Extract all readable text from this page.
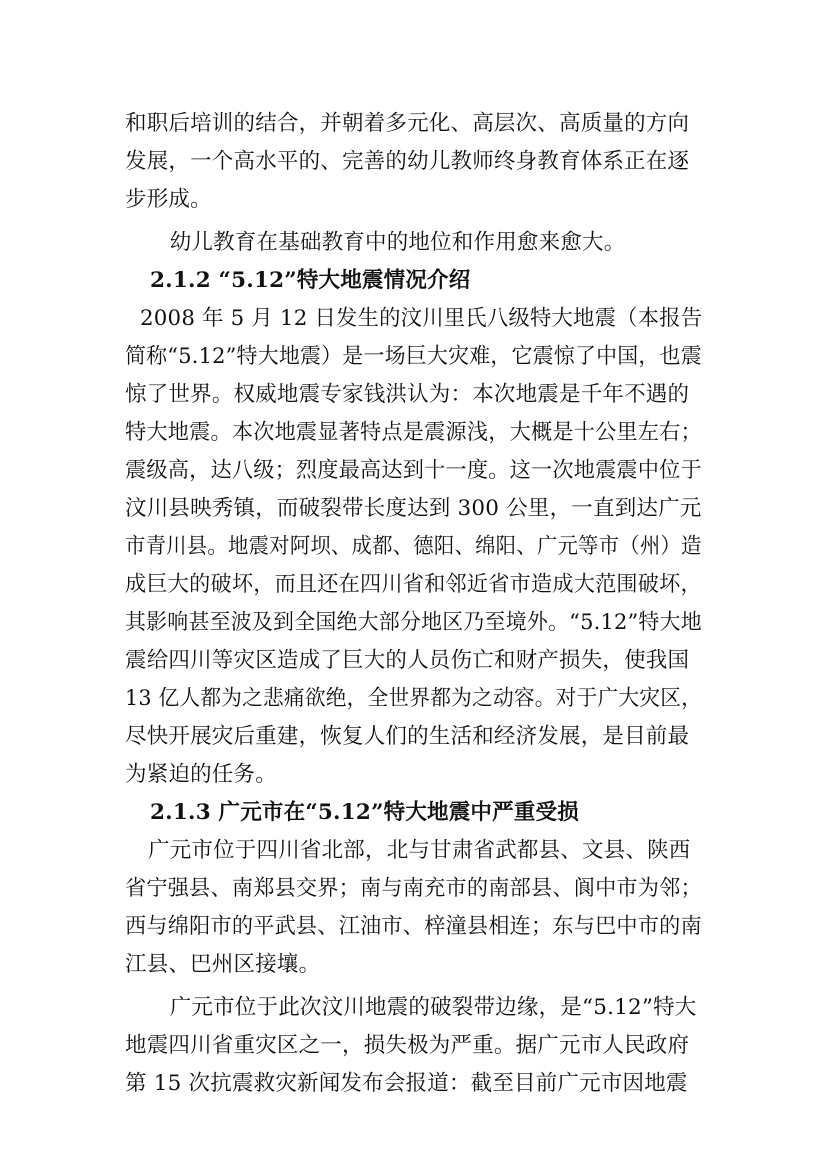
和职后培训的结合，并朝着多元化、高层次、高质量的方向
发展，一个高水平的、完善的幼儿教师终身教育体系正在逐
步形成。
　幼儿教育在基础教育中的地位和作用愈来愈大。
2.1.2 “5.12”特大地震情况介绍
2008 年 5 月 12 日发生的汶川里氏八级特大地震（本报告
简称“5.12”特大地震）是一场巨大灾难，它震惊了中国，也震
惊了世界。权威地震专家钱洪认为：本次地震是千年不遇的
特大地震。本次地震显著特点是震源浅，大概是十公里左右；
震级高，达八级；烈度最高达到十一度。这一次地震震中位于
汶川县映秀镇，而破裂带长度达到 300 公里，一直到达广元
市青川县。地震对阿坝、成都、德阳、绵阳、广元等市（州）造
成巨大的破坏，而且还在四川省和邻近省市造成大范围破坏，
其影响甚至波及到全国绝大部分地区乃至境外。“5.12”特大地
震给四川等灾区造成了巨大的人员伤亡和财产损失，使我国
13 亿人都为之悲痛欲绝，全世界都为之动容。对于广大灾区，
尽快开展灾后重建，恢复人们的生活和经济发展，是目前最
为紧迫的任务。
2.1.3 广元市在“5.12”特大地震中严重受损
广元市位于四川省北部，北与甘肃省武都县、文县、陕西
省宁强县、南郑县交界；南与南充市的南部县、阆中市为邻；
西与绵阳市的平武县、江油市、梓潼县相连；东与巴中市的南
江县、巴州区接壤。
　广元市位于此次汶川地震的破裂带边缘，是“5.12”特大
地震四川省重灾区之一，损失极为严重。据广元市人民政府
第 15 次抗震救灾新闻发布会报道：截至目前广元市因地震
